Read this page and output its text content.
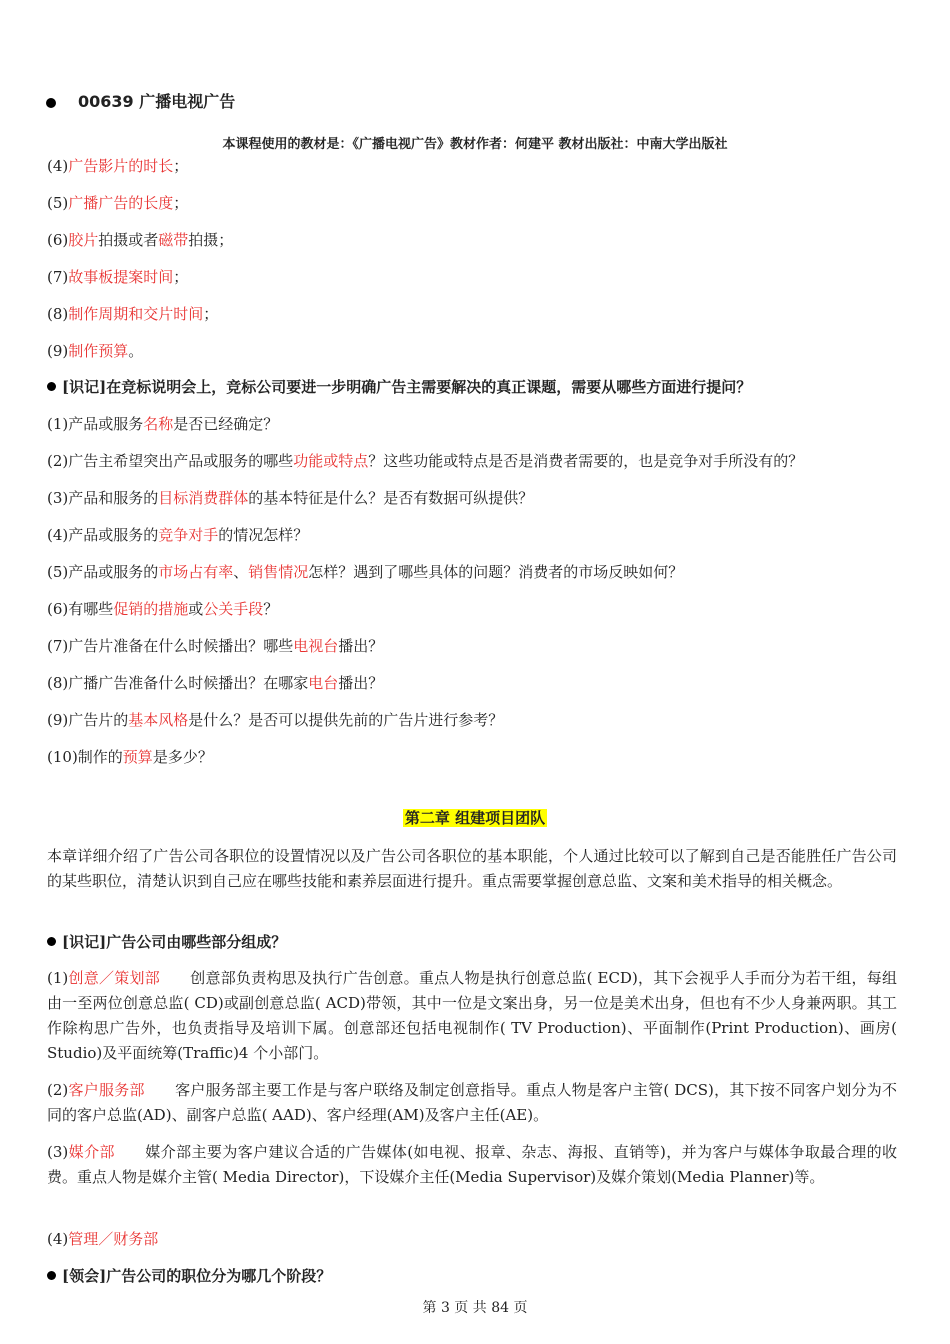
00639 广播电视广告
本课程使用的教材是：《广播电视广告》教材作者：何建平 教材出版社：中南大学出版社
(4)广告影片的时长；
(5)广播广告的长度；
(6)胶片拍摄或者磁带拍摄；
(7)故事板提案时间；
(8)制作周期和交片时间；
(9)制作预算。
[识记]在竞标说明会上，竞标公司要进一步明确广告主需要解决的真正课题，需要从哪些方面进行提问？
(1)产品或服务名称是否已经确定？
(2)广告主希望突出产品或服务的哪些功能或特点？这些功能或特点是否是消费者需要的，也是竞争对手所没有的？
(3)产品和服务的目标消费群体的基本特征是什么？是否有数据可纵提供？
(4)产品或服务的竞争对手的情况怎样？
(5)产品或服务的市场占有率、销售情况怎样？遇到了哪些具体的问题？消费者的市场反映如何？
(6)有哪些促销的措施或公关手段？
(7)广告片准备在什么时候播出？哪些电视台播出？
(8)广播广告准备什么时候播出？在哪家电台播出？
(9)广告片的基本风格是什么？是否可以提供先前的广告片进行参考？
(10)制作的预算是多少？
第二章 组建项目团队
本章详细介绍了广告公司各职位的设置情况以及广告公司各职位的基本职能，个人通过比较可以了解到自己是否能胜任广告公司的某些职位，清楚认识到自己应在哪些技能和素养层面进行提升。重点需要掌握创意总监、文案和美术指导的相关概念。
[识记]广告公司由哪些部分组成？
(1)创意／策划部 创意部负责构思及执行广告创意。重点人物是执行创意总监( ECD)，其下会视乎人手而分为若干组，每组由一至两位创意总监( CD)或副创意总监( ACD)带领，其中一位是文案出身，另一位是美术出身，但也有不少人身兼两职。其工作除构思广告外，也负责指导及培训下属。创意部还包括电视制作( TV Production)、平面制作(Print Production)、画房( Studio)及平面统筹(Traffic)4 个小部门。
(2)客户服务部 客户服务部主要工作是与客户联络及制定创意指导。重点人物是客户主管( DCS)，其下按不同客户划分为不同的客户总监(AD)、副客户总监( AAD)、客户经理(AM)及客户主任(AE)。
(3)媒介部 媒介部主要为客户建议合适的广告媒体(如电视、报章、杂志、海报、直销等)，并为客户与媒体争取最合理的收费。重点人物是媒介主管( Media Director)，下设媒介主任(Media Supervisor)及媒介策划(Media Planner)等。
(4)管理／财务部
[领会]广告公司的职位分为哪几个阶段？
第 3 页 共 84 页
